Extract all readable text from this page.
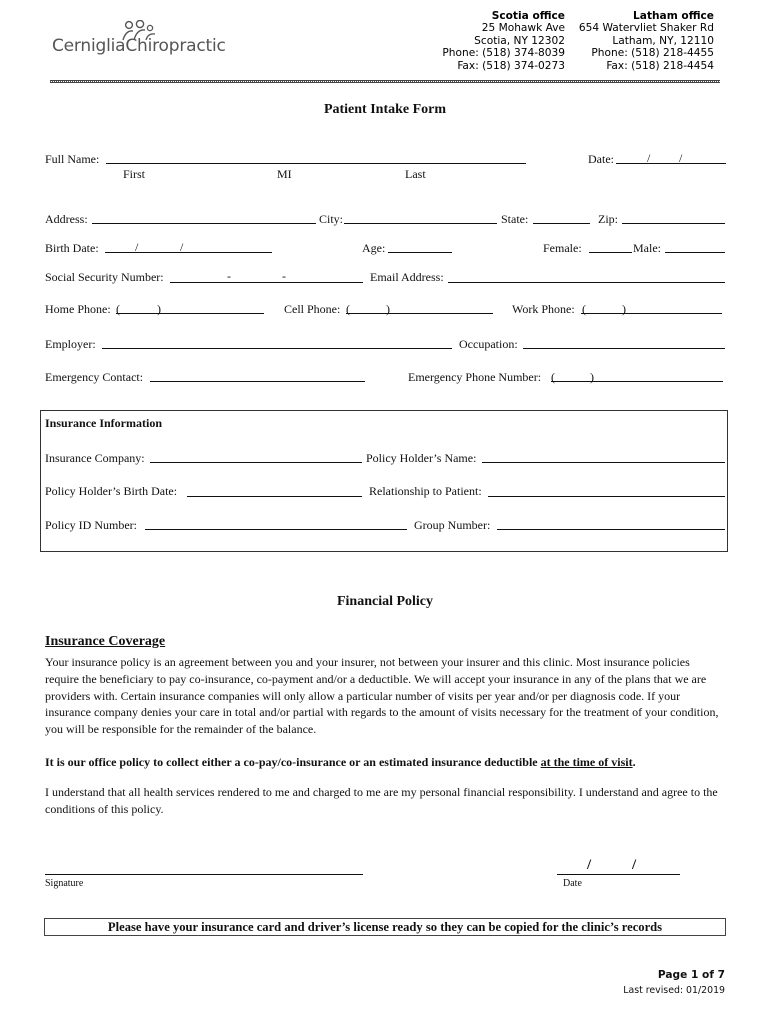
CernigliaChiropractic
Scotia office
25 Mohawk Ave
Scotia, NY 12302
Phone: (518) 374-8039
Fax: (518) 374-0273
Latham office
654 Watervliet Shaker Rd
Latham, NY, 12110
Phone: (518) 218-4455
Fax: (518) 218-4454
Patient Intake Form
Full Name:
First	MI	Last
Date:	/ /
Address:	City:	State:	Zip:
Birth Date:	/	/	Age:	Female:	Male:
Social Security Number:	-	-	Email Address:
Home Phone: (	)	Cell Phone: (	)	Work Phone: (	)
Employer:	Occupation:
Emergency Contact:	Emergency Phone Number: (	)
Insurance Information
Insurance Company:	Policy Holder’s Name:
Policy Holder’s Birth Date:	Relationship to Patient:
Policy ID Number:	Group Number:
Financial Policy
Insurance Coverage
Your insurance policy is an agreement between you and your insurer, not between your insurer and this clinic. Most insurance policies require the beneficiary to pay co-insurance, co-payment and/or a deductible. We will accept your insurance in any of the plans that we are providers with. Certain insurance companies will only allow a particular number of visits per year and/or per diagnosis code. If your insurance company denies your care in total and/or partial with regards to the amount of visits necessary for the treatment of your condition, you will be responsible for the remainder of the balance.
It is our office policy to collect either a co-pay/co-insurance or an estimated insurance deductible at the time of visit.
I understand that all health services rendered to me and charged to me are my personal financial responsibility. I understand and agree to the conditions of this policy.
Signature
/	/
Date
Please have your insurance card and driver’s license ready so they can be copied for the clinic’s records
Page 1 of 7
Last revised: 01/2019
